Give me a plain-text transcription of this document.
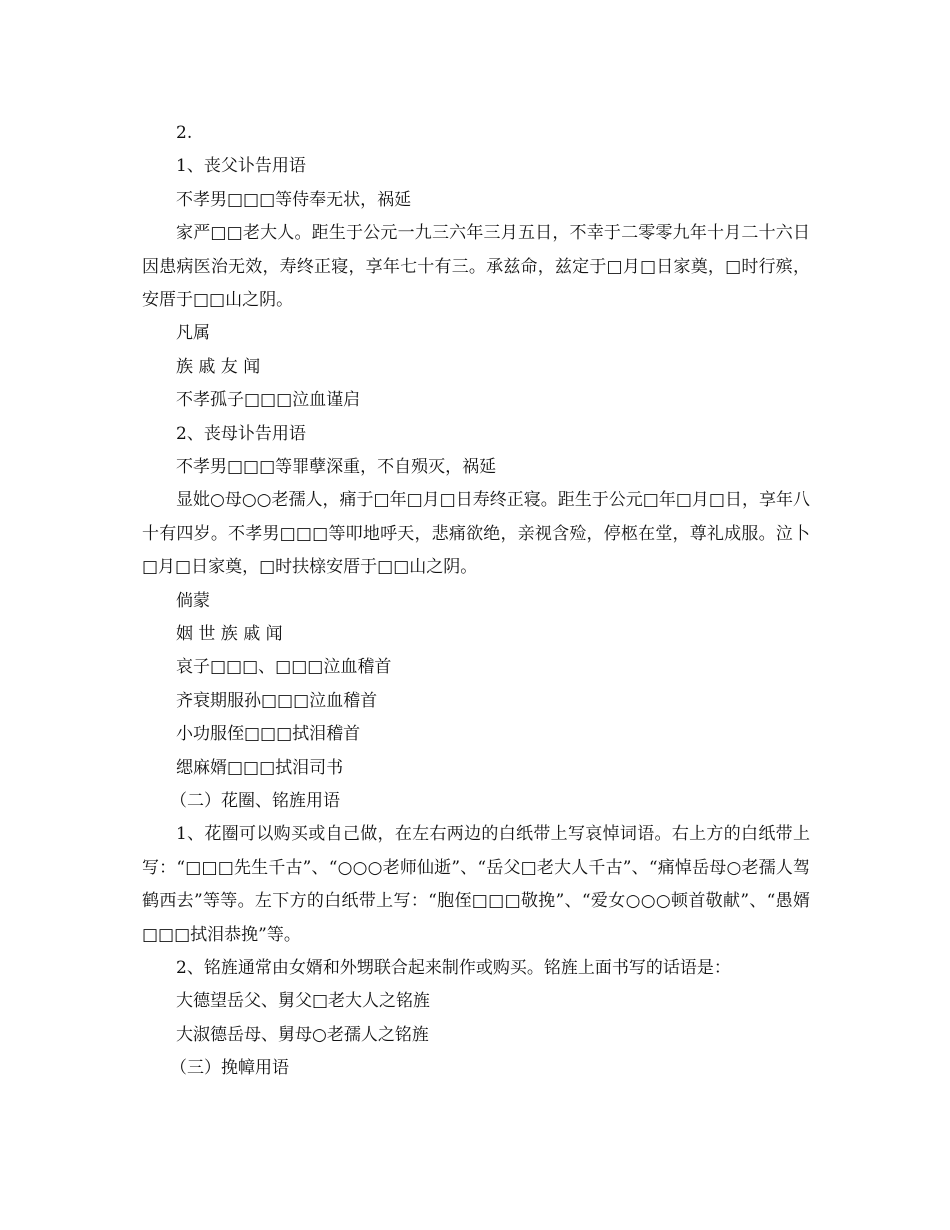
2.
1、丧父讣告用语
不孝男□□□等侍奉无状，祸延
家严□□老大人。距生于公元一九三六年三月五日，不幸于二零零九年十月二十六日因患病医治无效，寿终正寝，享年七十有三。承兹命，兹定于□月□日家奠，□时行殡，安厝于□□山之阴。
凡属
族 戚 友 闻
不孝孤子□□□泣血谨启
2、丧母讣告用语
不孝男□□□等罪孽深重，不自殒灭，祸延
显妣○母○○老孺人，痛于□年□月□日寿终正寝。距生于公元□年□月□日，享年八十有四岁。不孝男□□□等叩地呼天，悲痛欲绝，亲视含殓，停柩在堂，尊礼成服。泣卜□月□日家奠，□时扶榇安厝于□□山之阴。
倘蒙
姻 世 族 戚 闻
哀子□□□、□□□泣血稽首
齐衰期服孙□□□泣血稽首
小功服侄□□□拭泪稽首
缌麻婿□□□拭泪司书
（二）花圈、铭旌用语
1、花圈可以购买或自己做，在左右两边的白纸带上写哀悼词语。右上方的白纸带上写：“□□□先生千古”、“○○○老师仙逝”、“岳父□老大人千古”、“痛悼岳母○老孺人驾鹤西去”等等。左下方的白纸带上写：“胞侄□□□敬挽”、“爱女○○○顿首敬献”、“愚婿□□□拭泪恭挽”等。
2、铭旌通常由女婿和外甥联合起来制作或购买。铭旌上面书写的话语是：
大德望岳父、舅父□老大人之铭旌
大淑德岳母、舅母○老孺人之铭旌
（三）挽幛用语
